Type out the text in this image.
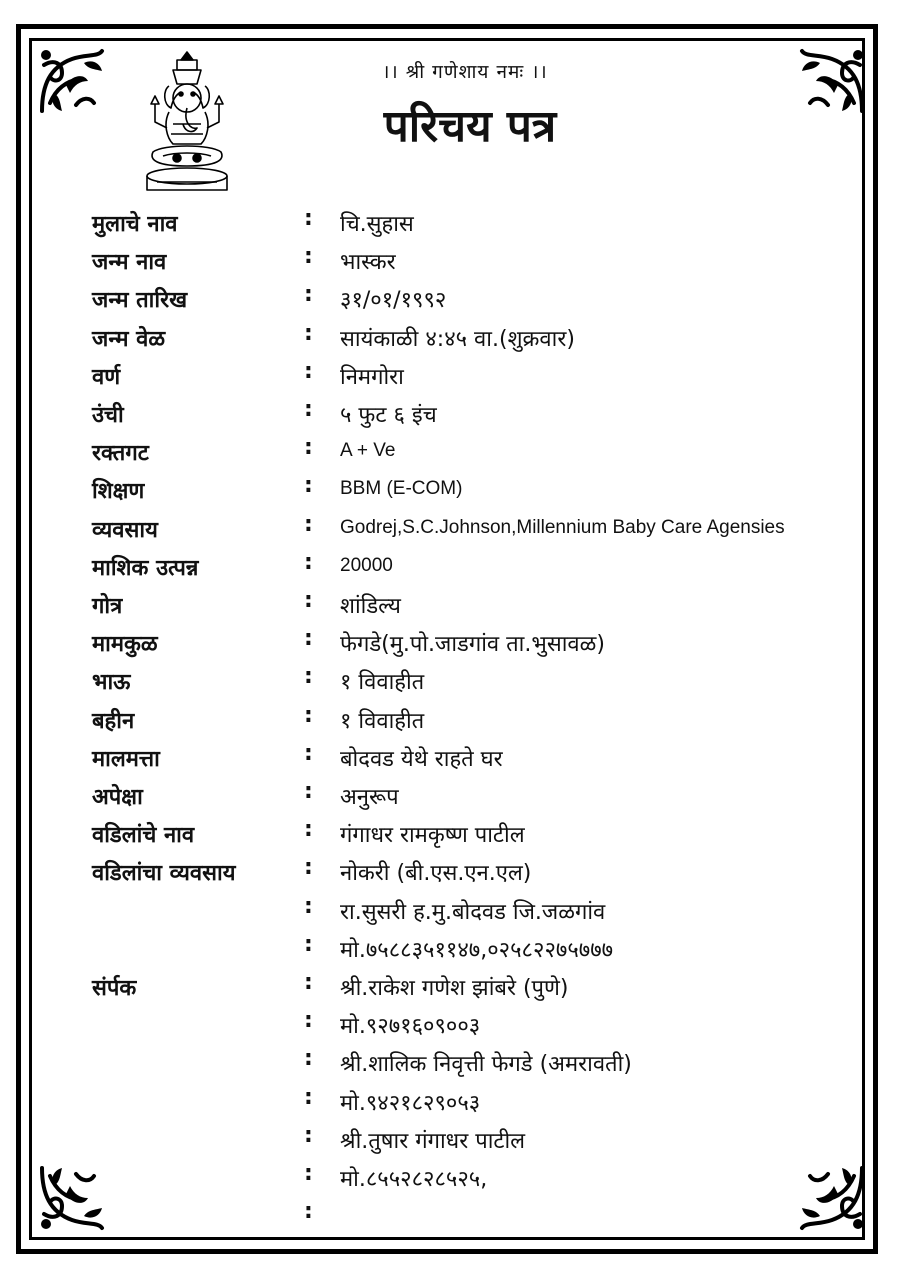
।। श्री गणेशाय नमः ।।
परिचय पत्र
मुलाचे नाव	: चि.सुहास
जन्म नाव	: भास्कर
जन्म तारिख	: ३१/०१/१९९२
जन्म वेळ	: सायंकाळी ४:४५ वा.(शुक्रवार)
वर्ण	: निमगोरा
उंची	: ५ फुट ६ इंच
रक्तगट	: A + Ve
शिक्षण	: BBM (E-COM)
व्यवसाय	: Godrej,S.C.Johnson,Millennium Baby Care Agensies
माशिक उत्पन्न	: 20000
गोत्र	: शांडिल्य
मामकुळ	: फेगडे(मु.पो.जाडगांव ता.भुसावळ)
भाऊ	: १ विवाहीत
बहीन	: १ विवाहीत
मालमत्ता	: बोदवड येथे राहते घर
अपेक्षा	: अनुरूप
वडिलांचे नाव	: गंगाधर रामकृष्ण पाटील
वडिलांचा व्यवसाय	: नोकरी (बी.एस.एन.एल)
: रा.सुसरी ह.मु.बोदवड जि.जळगांव
: मो.७५८८३५११४७,०२५८२२७५७७७
संर्पक	: श्री.राकेश गणेश झांबरे (पुणे)
: मो.९२७१६०९००३
: श्री.शालिक निवृत्ती फेगडे (अमरावती)
: मो.९४२१८२९०५३
: श्री.तुषार गंगाधर पाटील
: मो.८५५२८२८५२५,
:
